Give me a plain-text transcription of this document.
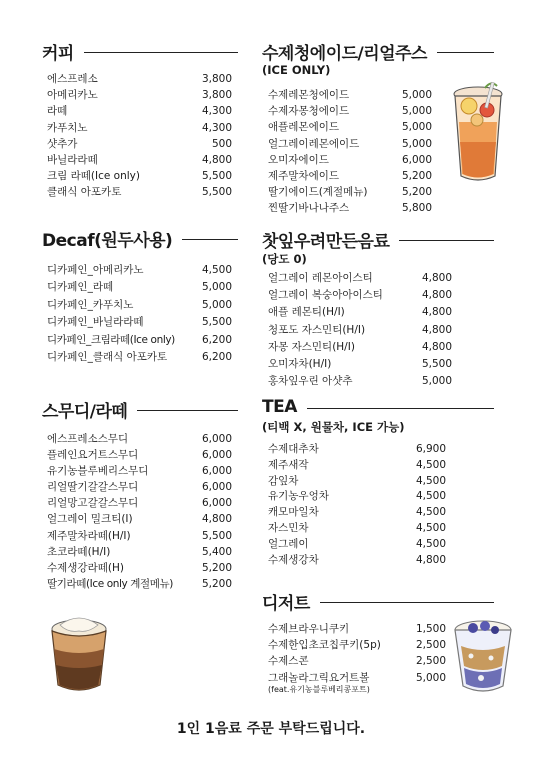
커피
에스프레소	3,800
아메리카노	3,800
라떼	4,300
카푸치노	4,300
샷추가	500
바닐라라떼	4,800
크림 라떼(Ice only)	5,500
클래식 아포카토	5,500
Decaf(원두사용)
디카페인_아메리카노	4,500
디카페인_라떼	5,000
디카페인_카푸치노	5,000
디카페인_바닐라라떼	5,500
디카페인_크림라떼(Ice only)	6,200
디카페인_클래식 아포카토	6,200
스무디/라떼
에스프레소스무디	6,000
플레인요거트스무디	6,000
유기농블루베리스무디	6,000
리얼딸기갈갈스무디	6,000
리얼망고갈갈스무디	6,000
얼그레이 밀크티(I)	4,800
제주말차라떼(H/I)	5,500
초코라떼(H/I)	5,400
수제생강라떼(H)	5,200
딸기라떼(Ice only 계절메뉴)	5,200
수제청에이드/리얼주스
(ICE ONLY)
수제레몬청에이드	5,000
수제자몽청에이드	5,000
애플레몬에이드	5,000
얼그레이레몬에이드	5,000
오미자에이드	6,000
제주말차에이드	5,200
딸기에이드(계절메뉴)	5,200
찐딸기바나나주스	5,800
찻잎우려만든음료
(당도 0)
얼그레이 레몬아이스티	4,800
얼그레이 복숭아아이스티	4,800
애플 레몬티(H/I)	4,800
청포도 자스민티(H/I)	4,800
자몽 자스민티(H/I)	4,800
오미자차(H/I)	5,500
홍차잎우린 아샷추	5,000
TEA
(티백 X, 원물차, ICE 가능)
수제대추차	6,900
제주새작	4,500
감잎차	4,500
유기농우엉차	4,500
캐모마일차	4,500
자스민차	4,500
얼그레이	4,500
수제생강차	4,800
디저트
수제브라우니쿠키	1,500
수제한입초코칩쿠키(5p)	2,500
수제스콘	2,500
그래놀라그릭요거트볼	5,000
(feat.유기농블루베리콩포트)
1인 1음료 주문 부탁드립니다.
